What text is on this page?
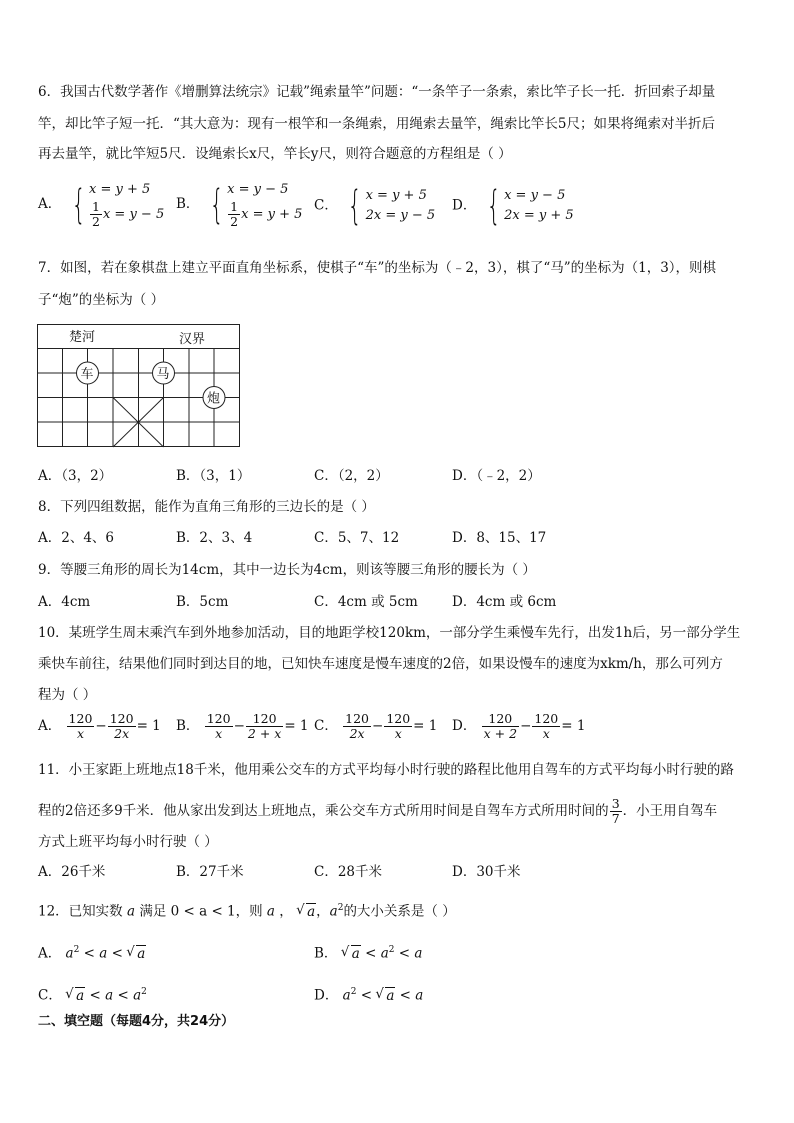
6．我国古代数学著作《增删算法统宗》记载”绳索量竿”问题：“一条竿子一条索，索比竿子长一托．折回索子却量
竿，却比竿子短一托．“其大意为：现有一根竿和一条绳索，用绳索去量竿，绳索比竿长5尺；如果将绳索对半折后
再去量竿，就比竿短5尺．设绳索长x尺，竿长y尺，则符合题意的方程组是（ ）
A． { x = y + 5
$\frac{1}{2}$ x = y − 5
B． { x = y − 5
$\frac{1}{2}$ x = y + 5
C． { x = y + 5
2x = y − 5
D． { x = y − 5
2x = y + 5
7．如图，若在象棋盘上建立平面直角坐标系，使棋子“车”的坐标为（﹣2，3），棋了“马”的坐标为（1，3），则棋
子“炮”的坐标为（ ）
楚河	汉界
车	马
炮
A．（3，2）	B．（3，1）	C．（2，2）	D．（﹣2，2）
8．下列四组数据，能作为直角三角形的三边长的是（ ）
A．2、4、6	B．2、3、4	C．5、7、12	D．8、15、17
9．等腰三角形的周长为14cm，其中一边长为4cm，则该等腰三角形的腰长为（ ）
A．4cm	B．5cm	C．4cm 或 5cm	D．4cm 或 6cm
10．某班学生周末乘汽车到外地参加活动，目的地距学校120km，一部分学生乘慢车先行，出发1h后，另一部分学生
乘快车前往，结果他们同时到达目的地，已知快车速度是慢车速度的2倍，如果设慢车的速度为xkm/h，那么可列方
程为（ ）
A． $\frac{120}{x} - \frac{120}{2x} = 1$ B． $\frac{120}{x} - \frac{120}{2 + x} = 1$ C． $\frac{120}{2x} - \frac{120}{x} = 1$ D． $\frac{120}{x + 2} - \frac{120}{x} = 1$
11．小王家距上班地点18千米，他用乘公交车的方式平均每小时行驶的路程比他用自驾车的方式平均每小时行驶的路
程的2倍还多9千米．他从家出发到达上班地点，乘公交车方式所用时间是自驾车方式所用时间的 $\frac{3}{7}$ ．小王用自驾车
方式上班平均每小时行驶（ ）
A．26千米	B．27千米	C．28千米	D．30千米
12．已知实数 a 满足 0 < a < 1，则 a ， √ a，$a^2$的大小关系是（ ）
A． $a^2 < a$ < √ a	B． √ $a < a^2 < a$
C． √ $a < a < a^2$	D． $a^2$ < √ a < a
二、填空题（每题4分，共24分）
